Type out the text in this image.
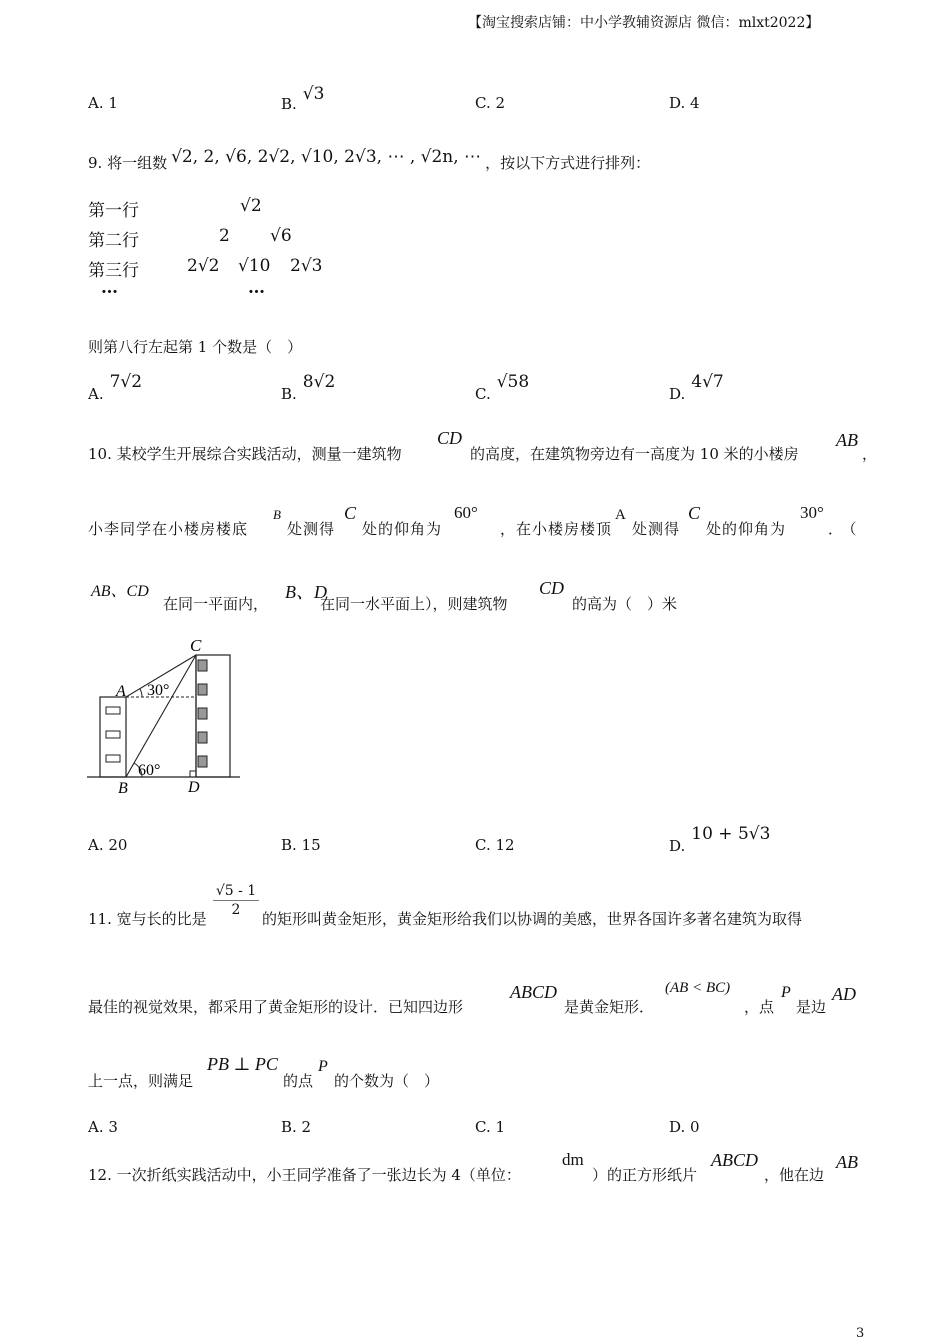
【淘宝搜索店铺：中小学教辅资源店 微信：mlxt2022】
A. 1	B. √3	C. 2	D. 4
9. 将一组数 √2, 2, √6, 2√2, √10, 2√3, ⋯ , √2n, ⋯ ，按以下方式进行排列：
第一行	√2
第二行	2 √6
第三行	2√2 √10 2√3
…	…
则第八行左起第 1 个数是（　）
A.
7√2
B.
8√2
C.
√58
D.
4√7
10. 某校学生开展综合实践活动，测量一建筑物
CD
的高度，在建筑物旁边有一高度为 10 米的小楼房
AB
，
小李同学在小楼房楼底
B
处测得
C
处的仰角为
60°
，在小楼房楼顶
A
处测得
C
处的仰角为
30°
．（
AB、CD
在同一平面内，
B、D
在同一水平面上），则建筑物
CD
的高为（　）米
C
A 30°
60°
B	D
A. 20	B. 15	C. 12	D.
10 + 5√3
11. 宽与长的比是 $\frac{√5 - 1}{2}$ 的矩形叫黄金矩形，黄金矩形给我们以协调的美感，世界各国许多著名建筑为取得
最佳的视觉效果，都采用了黄金矩形的设计．已知四边形
ABCD
是黄金矩形．
(AB < BC)
，点
P
是边
AD
上一点，则满足
PB ⊥ PC
的点
P
的个数为（　）
A. 3	B. 2	C. 1	D. 0
12. 一次折纸实践活动中，小王同学准备了一张边长为 4（单位：
dm
）的正方形纸片
ABCD
，他在边
AB
3
